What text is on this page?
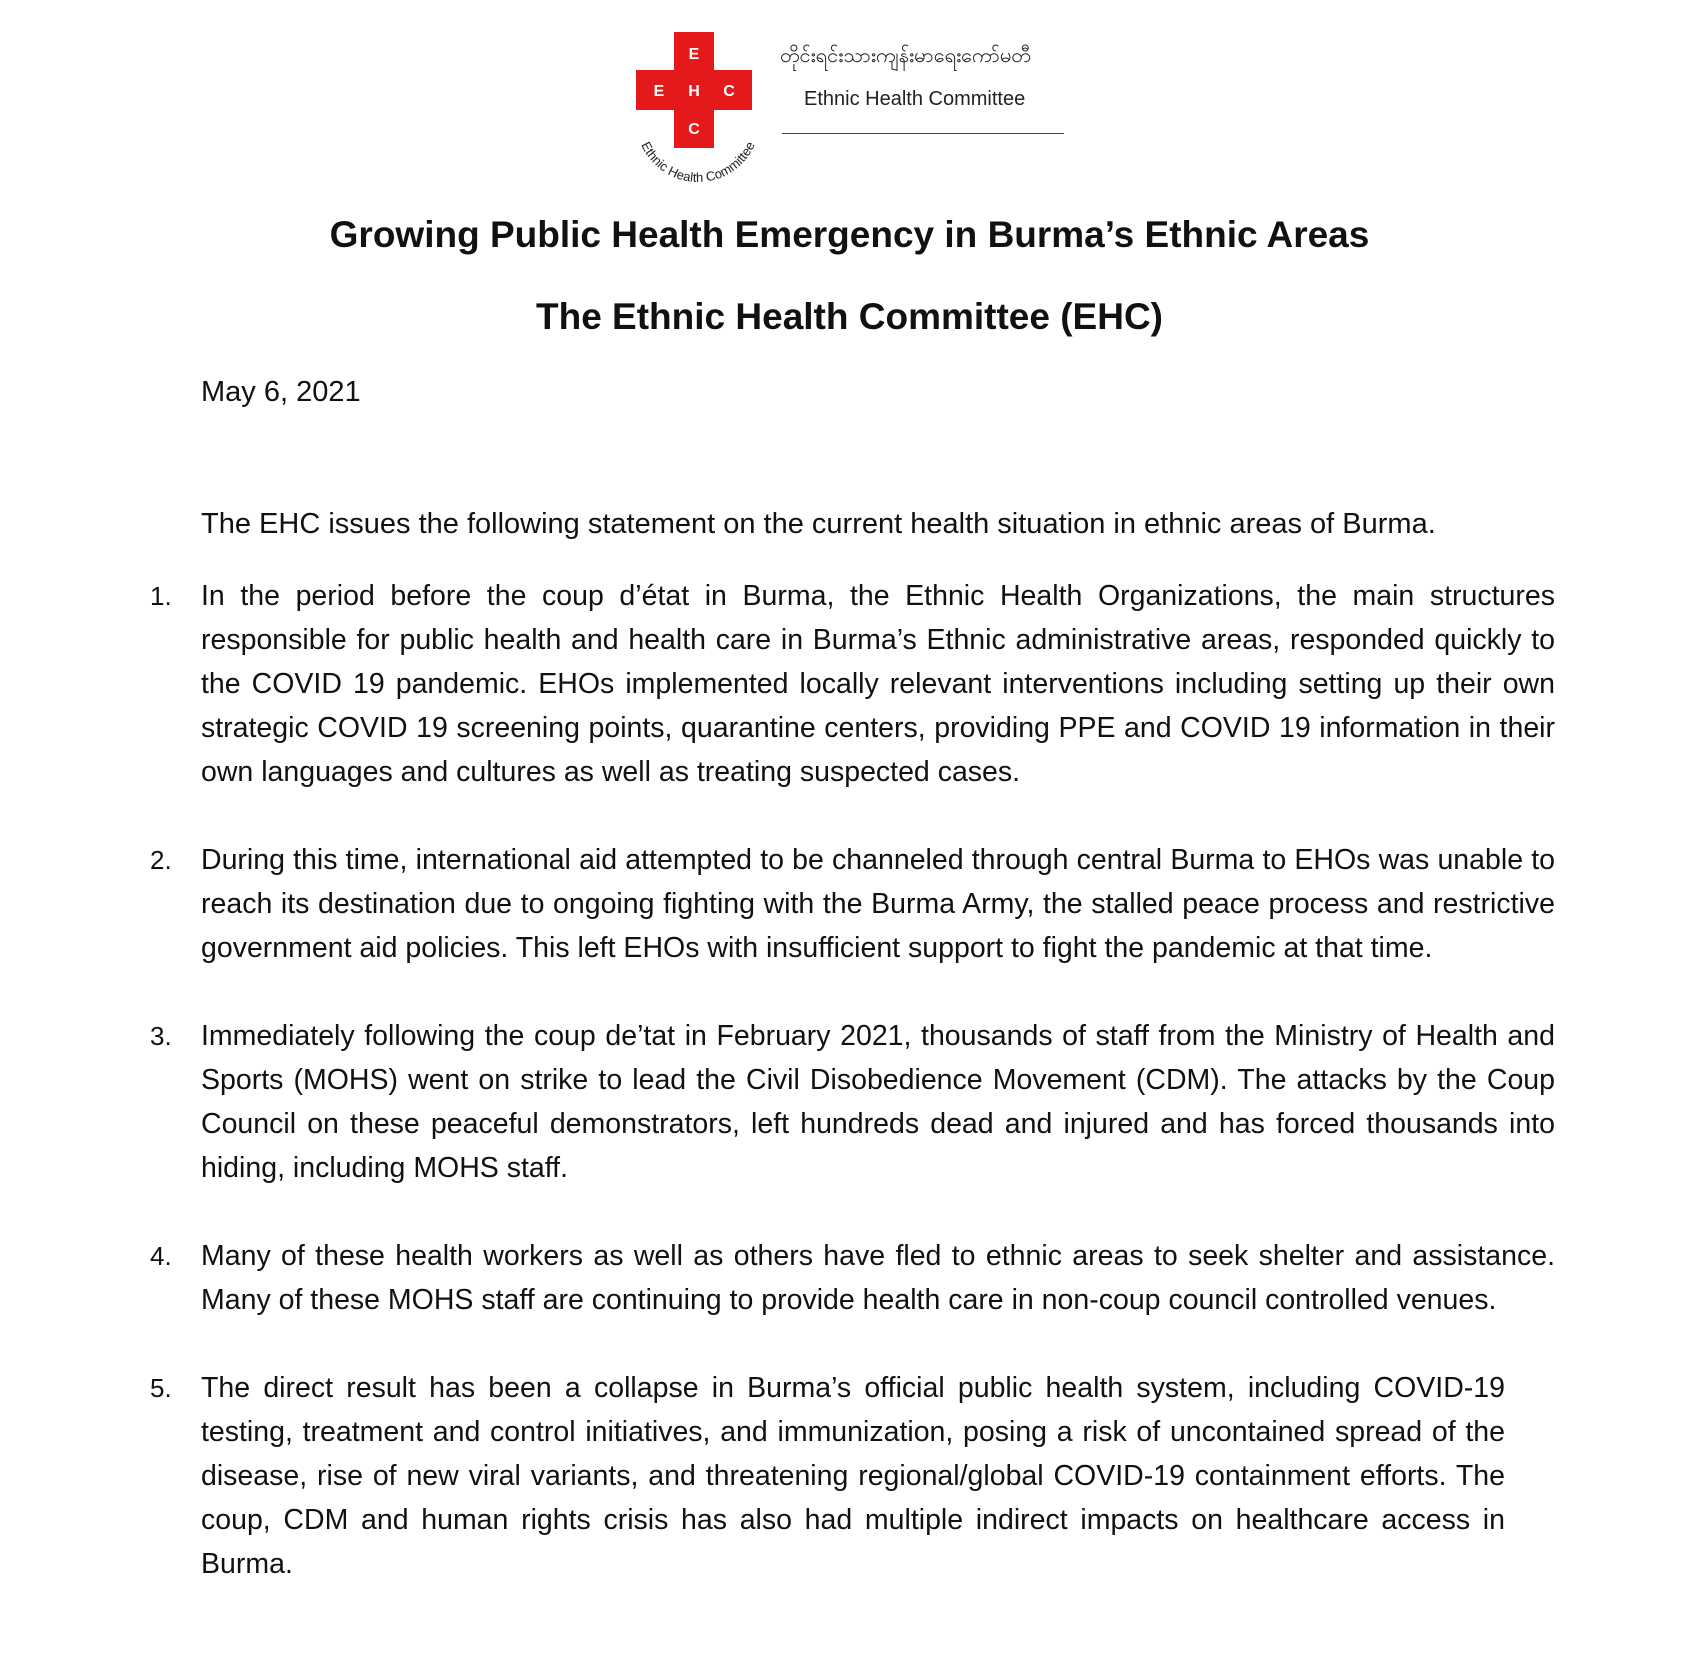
E
E H C
C
Ethnic Health Committee
တိုင်းရင်းသားကျန်းမာရေးကော်မတီ
Ethnic Health Committee
Growing Public Health Emergency in Burma’s Ethnic Areas
The Ethnic Health Committee (EHC)
May 6, 2021
The EHC issues the following statement on the current health situation in ethnic areas of Burma.
1. In the period before the coup d’état in Burma, the Ethnic Health Organizations, the main structures responsible for public health and health care in Burma’s Ethnic administrative areas, responded quickly to the COVID 19 pandemic. EHOs implemented locally relevant interventions including setting up their own strategic COVID 19 screening points, quarantine centers, providing PPE and COVID 19 information in their own languages and cultures as well as treating suspected cases.
2. During this time, international aid attempted to be channeled through central Burma to EHOs was unable to reach its destination due to ongoing fighting with the Burma Army, the stalled peace process and restrictive government aid policies. This left EHOs with insufficient support to fight the pandemic at that time.
3. Immediately following the coup de’tat in February 2021, thousands of staff from the Ministry of Health and Sports (MOHS) went on strike to lead the Civil Disobedience Movement (CDM). The attacks by the Coup Council on these peaceful demonstrators, left hundreds dead and injured and has forced thousands into hiding, including MOHS staff.
4. Many of these health workers as well as others have fled to ethnic areas to seek shelter and assistance. Many of these MOHS staff are continuing to provide health care in non-coup council controlled venues.
5. The direct result has been a collapse in Burma’s official public health system, including COVID-19 testing, treatment and control initiatives, and immunization, posing a risk of uncontained spread of the disease, rise of new viral variants, and threatening regional/global COVID-19 containment efforts. The coup, CDM and human rights crisis has also had multiple indirect impacts on healthcare access in Burma.
